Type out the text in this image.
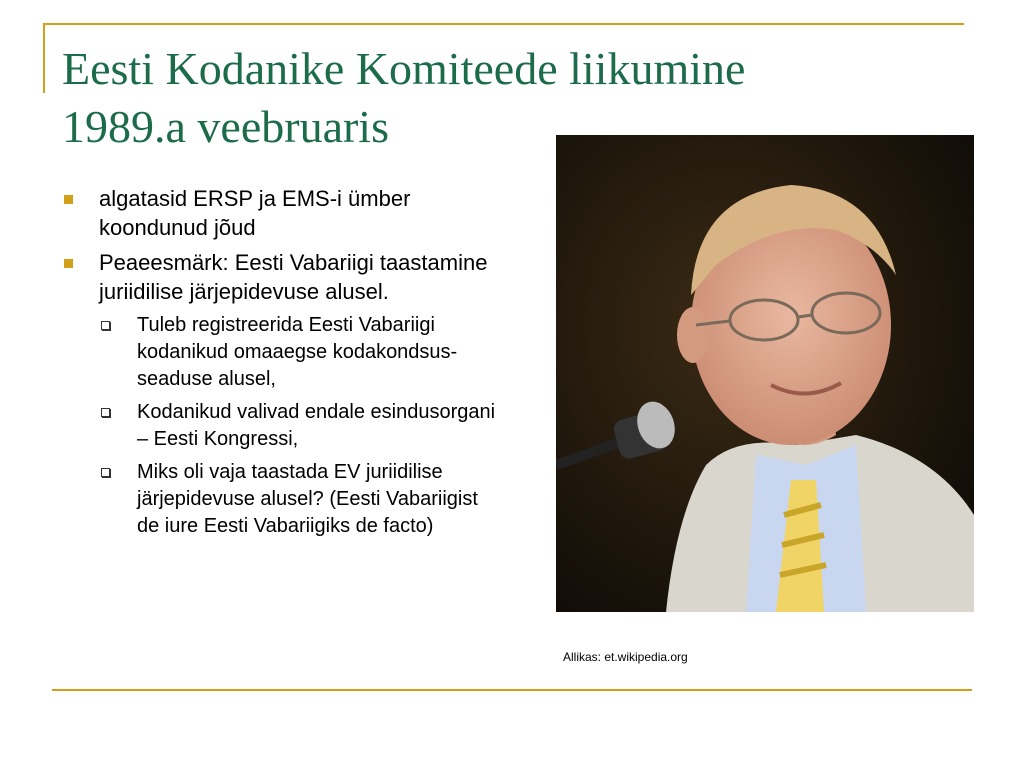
Eesti Kodanike Komiteede liikumine
1989.a veebruaris
algatasid ERSP ja EMS-i ümber koondunud jõud
Peaeesmärk: Eesti Vabariigi taastamine juriidilise järjepidevuse alusel.
Tuleb registreerida Eesti Vabariigi kodanikud omaaegse kodakondsus-seaduse alusel,
Kodanikud valivad endale esindusorgani – Eesti Kongressi,
Miks oli vaja taastada EV juriidilise järjepidevuse alusel? (Eesti Vabariigist de iure Eesti Vabariigiks de facto)
Allikas: et.wikipedia.org
